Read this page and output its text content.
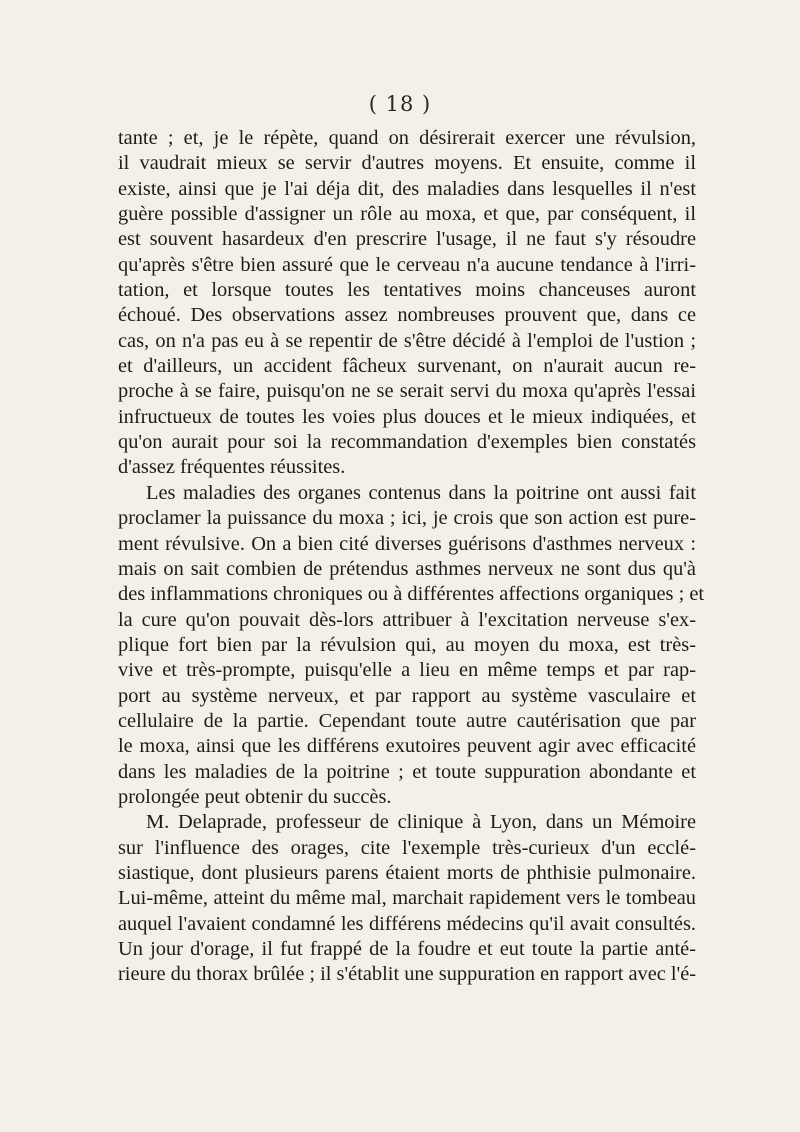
( 18 )
tante ; et, je le répète, quand on désirerait exercer une révulsion,
il vaudrait mieux se servir d'autres moyens. Et ensuite, comme il
existe, ainsi que je l'ai déja dit, des maladies dans lesquelles il n'est
guère possible d'assigner un rôle au moxa, et que, par conséquent, il
est souvent hasardeux d'en prescrire l'usage, il ne faut s'y résoudre
qu'après s'être bien assuré que le cerveau n'a aucune tendance à l'irri-
tation, et lorsque toutes les tentatives moins chanceuses auront
échoué. Des observations assez nombreuses prouvent que, dans ce
cas, on n'a pas eu à se repentir de s'être décidé à l'emploi de l'ustion ;
et d'ailleurs, un accident fâcheux survenant, on n'aurait aucun re-
proche à se faire, puisqu'on ne se serait servi du moxa qu'après l'essai
infructueux de toutes les voies plus douces et le mieux indiquées, et
qu'on aurait pour soi la recommandation d'exemples bien constatés
d'assez fréquentes réussites.
Les maladies des organes contenus dans la poitrine ont aussi fait
proclamer la puissance du moxa ; ici, je crois que son action est pure-
ment révulsive. On a bien cité diverses guérisons d'asthmes nerveux :
mais on sait combien de prétendus asthmes nerveux ne sont dus qu'à
des inflammations chroniques ou à différentes affections organiques ; et
la cure qu'on pouvait dès-lors attribuer à l'excitation nerveuse s'ex-
plique fort bien par la révulsion qui, au moyen du moxa, est très-
vive et très-prompte, puisqu'elle a lieu en même temps et par rap-
port au système nerveux, et par rapport au système vasculaire et
cellulaire de la partie. Cependant toute autre cautérisation que par
le moxa, ainsi que les différens exutoires peuvent agir avec efficacité
dans les maladies de la poitrine ; et toute suppuration abondante et
prolongée peut obtenir du succès.
M. Delaprade, professeur de clinique à Lyon, dans un Mémoire
sur l'influence des orages, cite l'exemple très-curieux d'un ecclé-
siastique, dont plusieurs parens étaient morts de phthisie pulmonaire.
Lui-même, atteint du même mal, marchait rapidement vers le tombeau
auquel l'avaient condamné les différens médecins qu'il avait consultés.
Un jour d'orage, il fut frappé de la foudre et eut toute la partie anté-
rieure du thorax brûlée ; il s'établit une suppuration en rapport avec l'é-
